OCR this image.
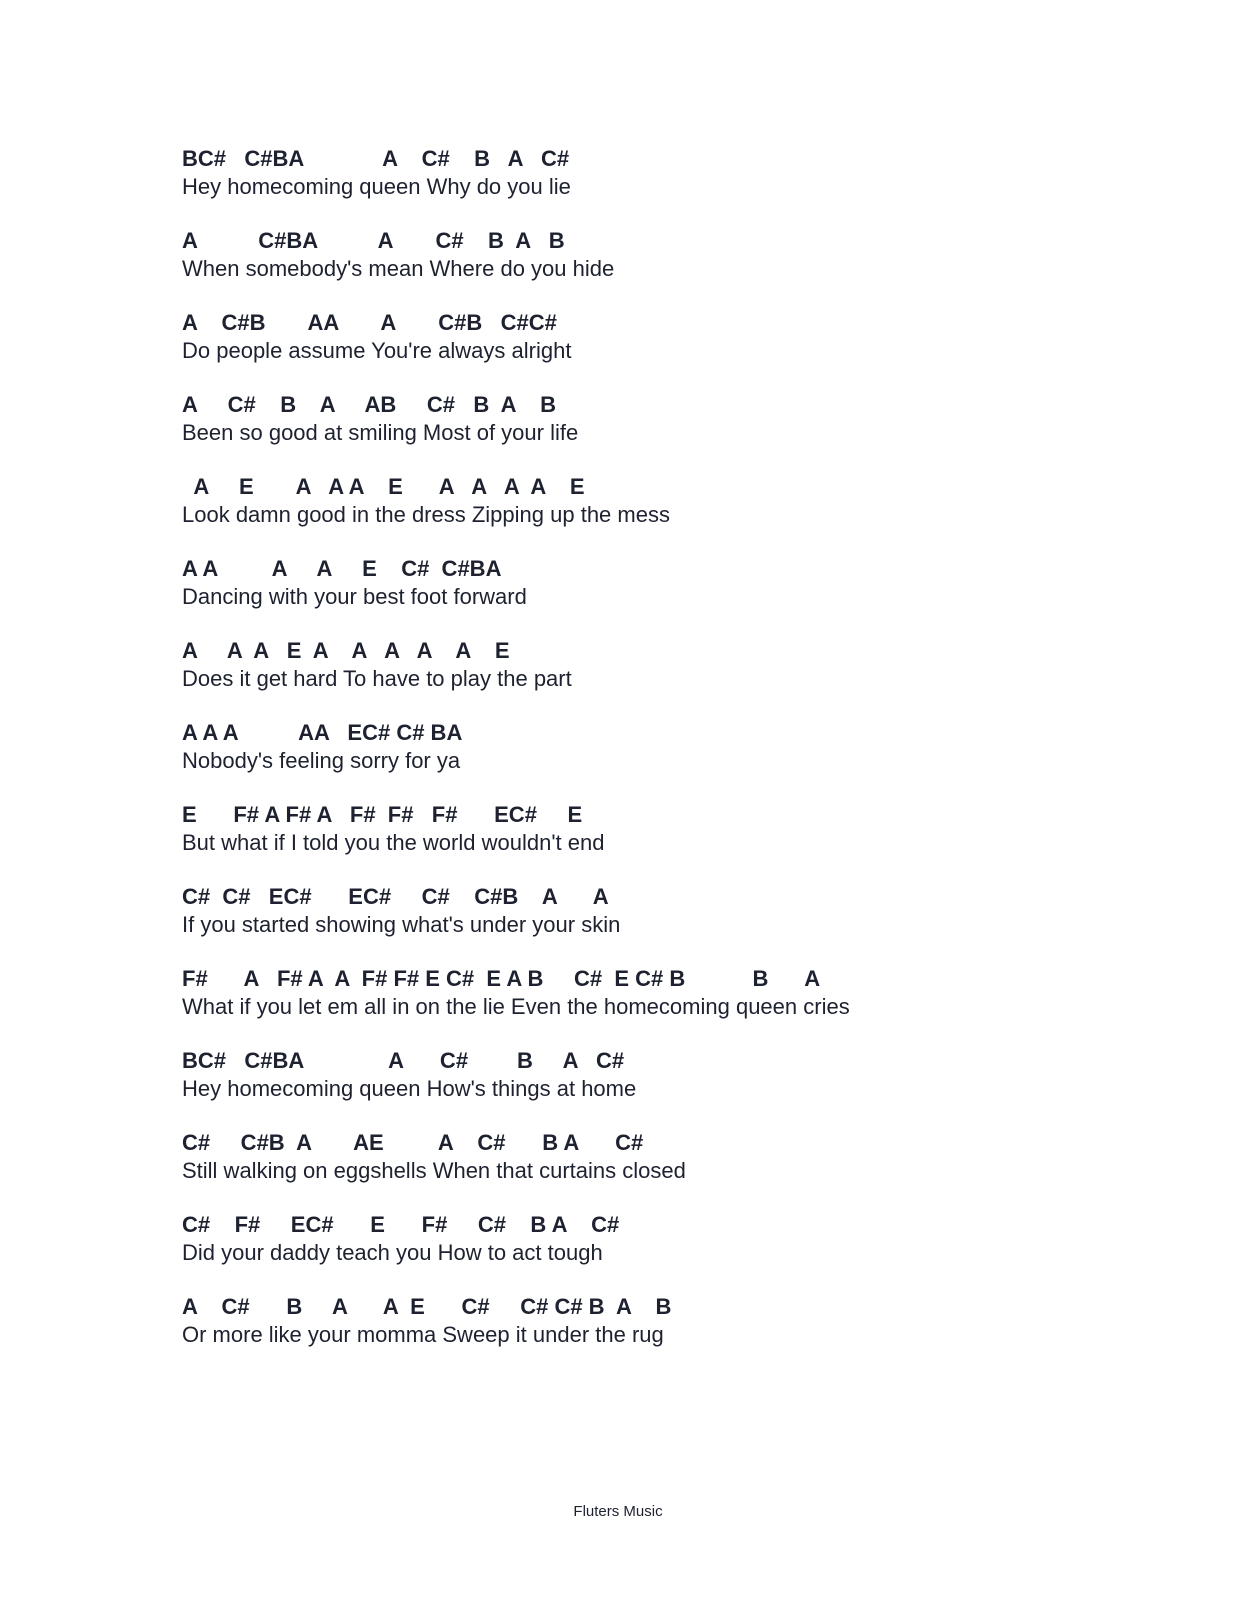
BC#   C#BA             A    C#    B   A   C#
Hey homecoming queen Why do you lie
A          C#BA          A       C#    B  A   B
When somebody's mean Where do you hide
A    C#B       AA       A       C#B   C#C#
Do people assume You're always alright
A     C#    B    A     AB     C#   B  A    B
Been so good at smiling Most of your life
A     E       A   A A    E      A   A   A  A    E
Look damn good in the dress Zipping up the mess
A A         A     A     E    C#  C#BA
Dancing with your best foot forward
A     A  A   E  A    A   A   A    A    E
Does it get hard To have to play the part
A A A          AA   EC# C# BA
Nobody's feeling sorry for ya
E      F# A F# A   F#  F#   F#      EC#     E
But what if I told you the world wouldn't end
C#  C#   EC#      EC#     C#    C#B    A      A
If you started showing what's under your skin
F#      A   F# A  A  F# F# E C#  E A B     C#  E C# B           B      A
What if you let em all in on the lie Even the homecoming queen cries
BC#   C#BA              A      C#        B     A   C#
Hey homecoming queen How's things at home
C#     C#B  A       AE         A    C#      B A      C#
Still walking on eggshells When that curtains closed
C#    F#     EC#      E      F#     C#    B A    C#
Did your daddy teach you How to act tough
A    C#      B     A      A  E      C#     C# C# B  A    B
Or more like your momma Sweep it under the rug
Fluters Music
